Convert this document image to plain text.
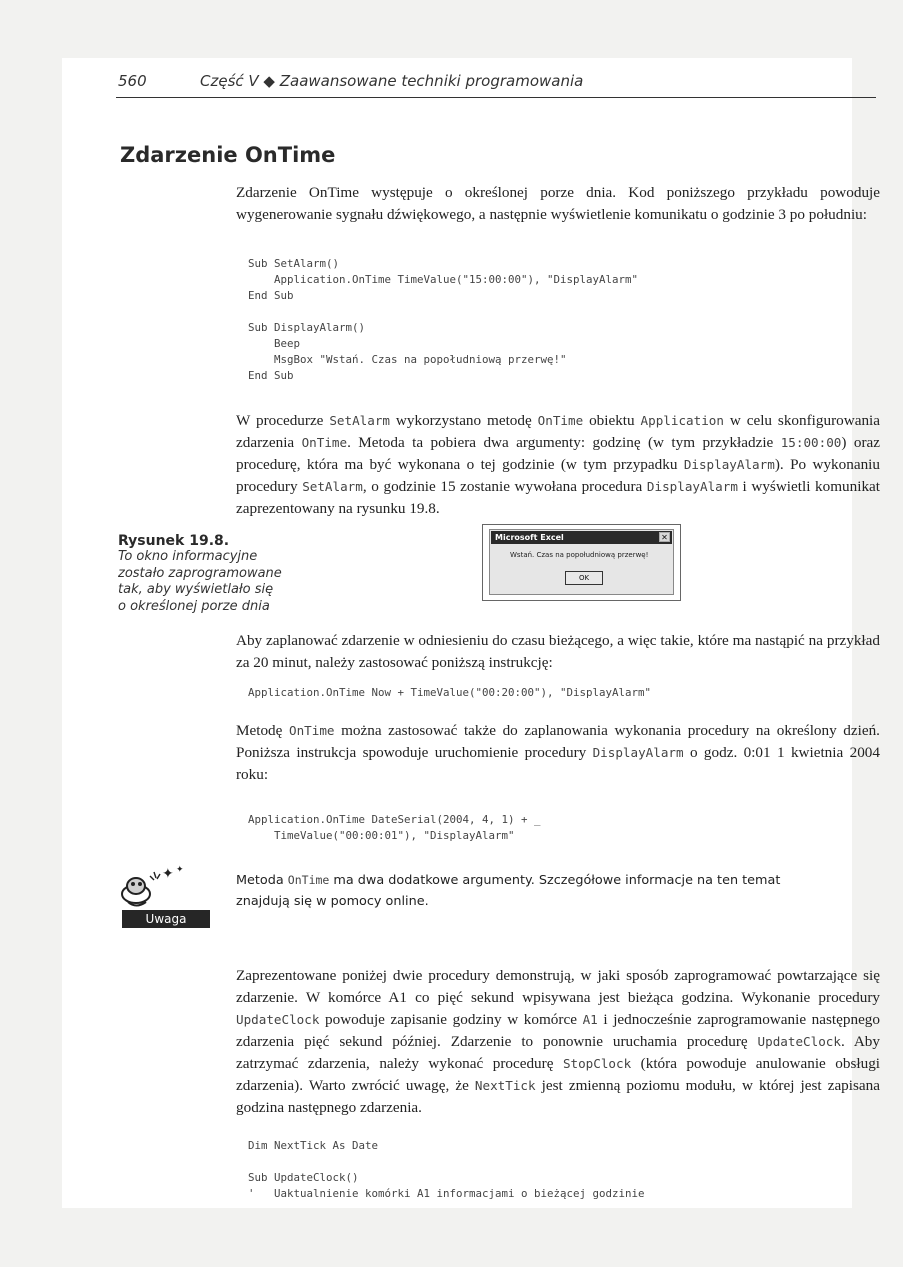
560	Część V ◆ Zaawansowane techniki programowania
Zdarzenie OnTime
Zdarzenie OnTime występuje o określonej porze dnia. Kod poniższego przykładu powoduje wygenerowanie sygnału dźwiękowego, a następnie wyświetlenie komunikatu o godzinie 3 po południu:
Sub SetAlarm()
Application.OnTime TimeValue("15:00:00"), "DisplayAlarm"
End Sub

Sub DisplayAlarm()
Beep
MsgBox "Wstań. Czas na popołudniową przerwę!"
End Sub
W procedurze SetAlarm wykorzystano metodę OnTime obiektu Application w celu skonfigurowania zdarzenia OnTime. Metoda ta pobiera dwa argumenty: godzinę (w tym przykładzie 15:00:00) oraz procedurę, która ma być wykonana o tej godzinie (w tym przypadku DisplayAlarm). Po wykonaniu procedury SetAlarm, o godzinie 15 zostanie wywołana procedura DisplayAlarm i wyświetli komunikat zaprezentowany na rysunku 19.8.
Rysunek 19.8.
To okno informacyjne
zostało zaprogramowane
tak, aby wyświetlało się
o określonej porze dnia
Microsoft Excel	✕
Wstań. Czas na popołudniową przerwę!
OK
Aby zaplanować zdarzenie w odniesieniu do czasu bieżącego, a więc takie, które ma nastąpić na przykład za 20 minut, należy zastosować poniższą instrukcję:
Application.OnTime Now + TimeValue("00:20:00"), "DisplayAlarm"
Metodę OnTime można zastosować także do zaplanowania wykonania procedury na określony dzień. Poniższa instrukcja spowoduje uruchomienie procedury DisplayAlarm o godz. 0:01 1 kwietnia 2004 roku:
Application.OnTime DateSerial(2004, 4, 1) + _
TimeValue("00:00:01"), "DisplayAlarm"
✦ ✦
Uwaga
Metoda OnTime ma dwa dodatkowe argumenty. Szczegółowe informacje na ten temat znajdują się w pomocy online.
Zaprezentowane poniżej dwie procedury demonstrują, w jaki sposób zaprogramować powtarzające się zdarzenie. W komórce A1 co pięć sekund wpisywana jest bieżąca godzina. Wykonanie procedury UpdateClock powoduje zapisanie godziny w komórce A1 i jednocześnie zaprogramowanie następnego zdarzenia pięć sekund później. Zdarzenie to ponownie uruchamia procedurę UpdateClock. Aby zatrzymać zdarzenia, należy wykonać procedurę StopClock (która powoduje anulowanie obsługi zdarzenia). Warto zwrócić uwagę, że NextTick jest zmienną poziomu modułu, w której jest zapisana godzina następnego zdarzenia.
Dim NextTick As Date

Sub UpdateClock()
'   Uaktualnienie komórki A1 informacjami o bieżącej godzinie
